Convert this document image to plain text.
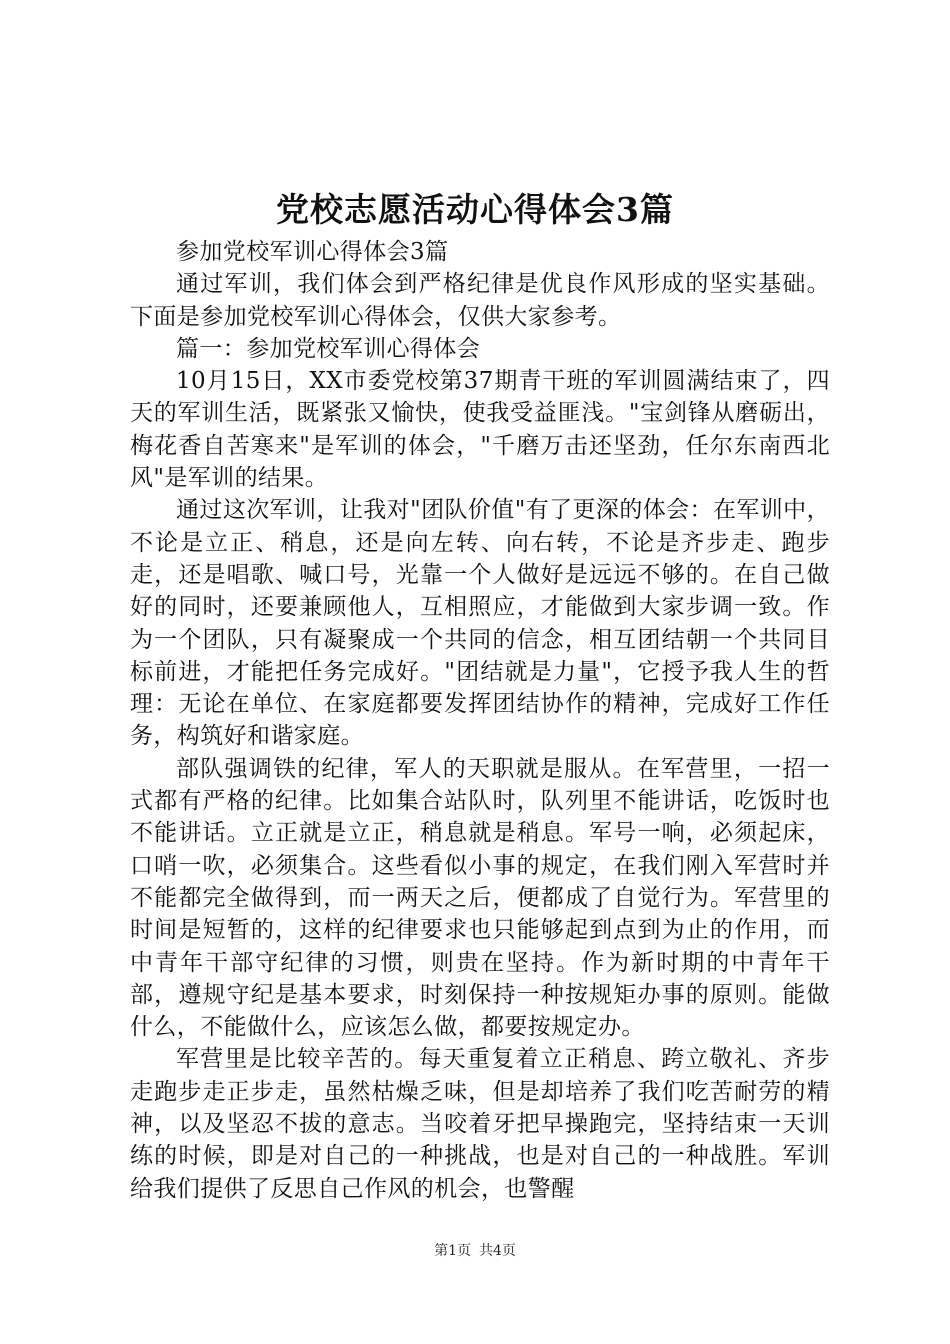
党校志愿活动心得体会3篇

参加党校军训心得体会3篇

通过军训，我们体会到严格纪律是优良作风形成的坚实基础。下面是参加党校军训心得体会，仅供大家参考。

篇一：参加党校军训心得体会

10月15日，XX市委党校第37期青干班的军训圆满结束了，四天的军训生活，既紧张又愉快，使我受益匪浅。"宝剑锋从磨砺出，梅花香自苦寒来"是军训的体会，"千磨万击还坚劲，任尔东南西北风"是军训的结果。

通过这次军训，让我对"团队价值"有了更深的体会：在军训中，不论是立正、稍息，还是向左转、向右转，不论是齐步走、跑步走，还是唱歌、喊口号，光靠一个人做好是远远不够的。在自己做好的同时，还要兼顾他人，互相照应，才能做到大家步调一致。作为一个团队，只有凝聚成一个共同的信念，相互团结朝一个共同目标前进，才能把任务完成好。"团结就是力量"，它授予我人生的哲理：无论在单位、在家庭都要发挥团结协作的精神，完成好工作任务，构筑好和谐家庭。

部队强调铁的纪律，军人的天职就是服从。在军营里，一招一式都有严格的纪律。比如集合站队时，队列里不能讲话，吃饭时也不能讲话。立正就是立正，稍息就是稍息。军号一响，必须起床，口哨一吹，必须集合。这些看似小事的规定，在我们刚入军营时并不能都完全做得到，而一两天之后，便都成了自觉行为。军营里的时间是短暂的，这样的纪律要求也只能够起到点到为止的作用，而中青年干部守纪律的习惯，则贵在坚持。作为新时期的中青年干部，遵规守纪是基本要求，时刻保持一种按规矩办事的原则。能做什么，不能做什么，应该怎么做，都要按规定办。

军营里是比较辛苦的。每天重复着立正稍息、跨立敬礼、齐步走跑步走正步走，虽然枯燥乏味，但是却培养了我们吃苦耐劳的精神，以及坚忍不拔的意志。当咬着牙把早操跑完，坚持结束一天训练的时候，即是对自己的一种挑战，也是对自己的一种战胜。军训给我们提供了反思自己作风的机会，也警醒

第1页 共4页
